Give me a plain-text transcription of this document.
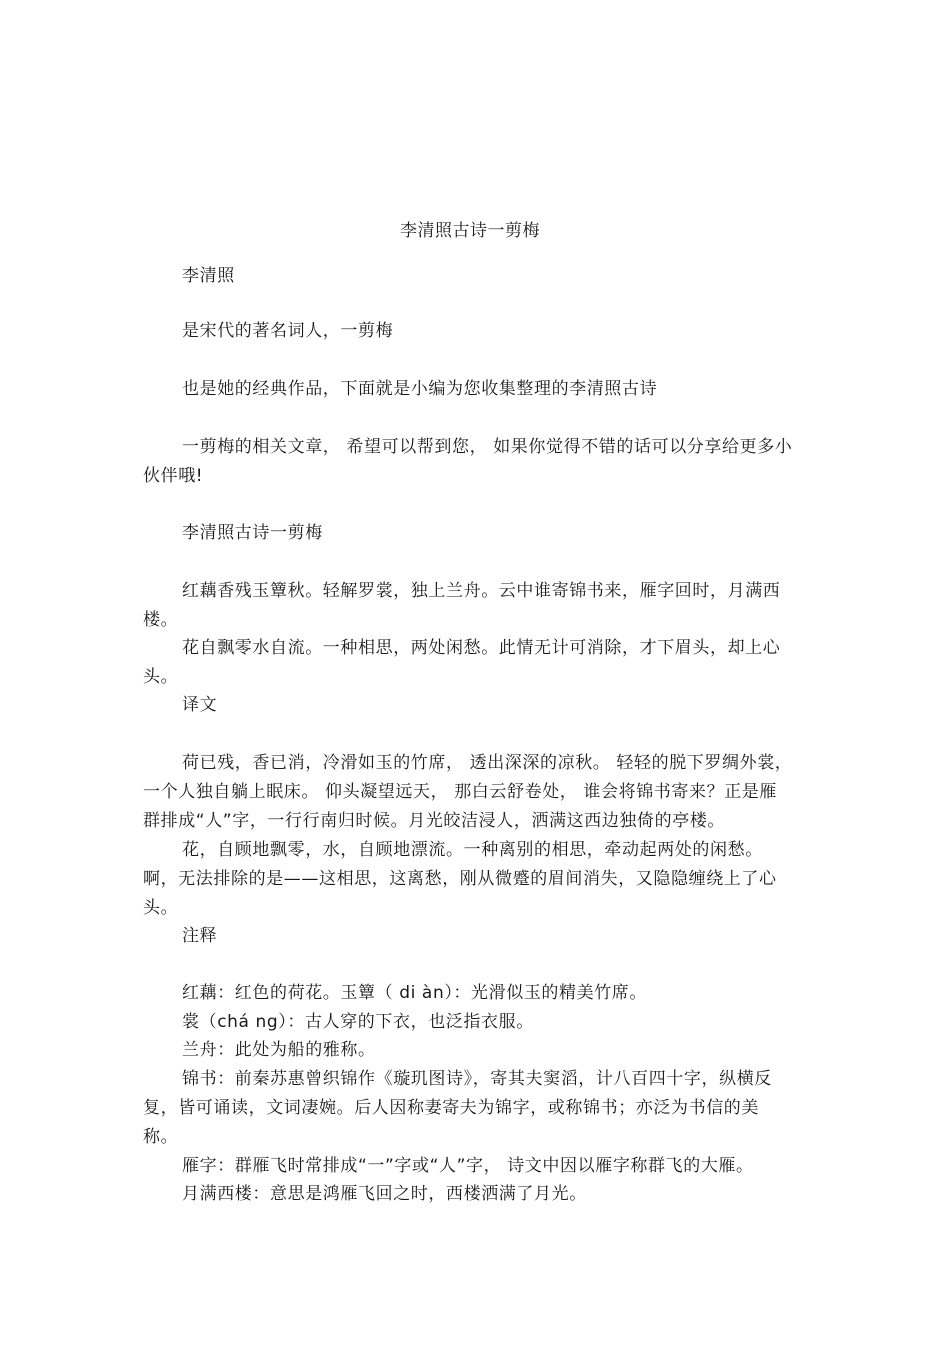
李清照古诗一剪梅

李清照

是宋代的著名词人，一剪梅

也是她的经典作品，下面就是小编为您收集整理的李清照古诗

一剪梅的相关文章， 希望可以帮到您， 如果你觉得不错的话可以分享给更多小伙伴哦!

李清照古诗一剪梅

红藕香残玉簟秋。轻解罗裳，独上兰舟。云中谁寄锦书来，雁字回时，月满西楼。

花自飘零水自流。一种相思，两处闲愁。此情无计可消除，才下眉头，却上心头。

译文

荷已残，香已消，冷滑如玉的竹席， 透出深深的凉秋。 轻轻的脱下罗绸外裳，一个人独自躺上眠床。 仰头凝望远天， 那白云舒卷处， 谁会将锦书寄来？正是雁群排成“人”字，一行行南归时候。月光皎洁浸人，洒满这西边独倚的亭楼。

花，自顾地飘零，水，自顾地漂流。一种离别的相思，牵动起两处的闲愁。啊，无法排除的是——这相思，这离愁，刚从微蹙的眉间消失，又隐隐缠绕上了心头。

注释

红藕：红色的荷花。玉簟（ di àn）：光滑似玉的精美竹席。

裳（chá ng）：古人穿的下衣，也泛指衣服。

兰舟：此处为船的雅称。

锦书：前秦苏惠曾织锦作《璇玑图诗》，寄其夫窦滔，计八百四十字，纵横反复，皆可诵读，文词凄婉。后人因称妻寄夫为锦字，或称锦书；亦泛为书信的美称。

雁字：群雁飞时常排成“一”字或“人”字， 诗文中因以雁字称群飞的大雁。

月满西楼：意思是鸿雁飞回之时，西楼洒满了月光。
